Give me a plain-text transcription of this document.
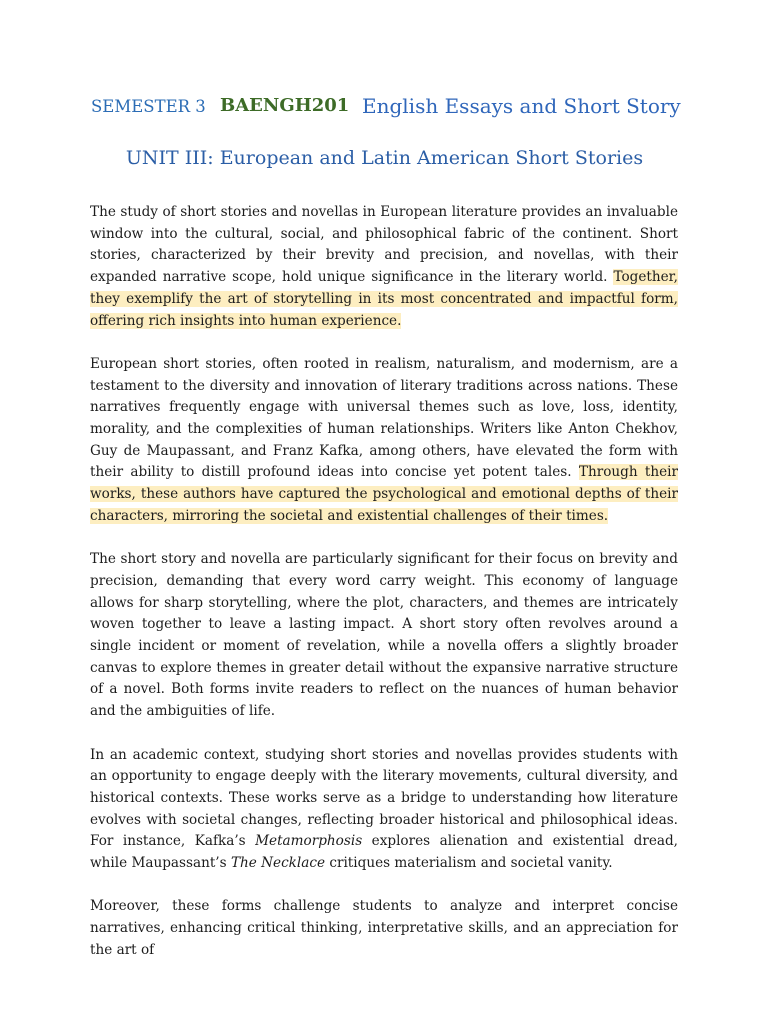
SEMESTER 3 BAENGH201 English Essays and Short Story
UNIT III: European and Latin American Short Stories

The study of short stories and novellas in European literature provides an invaluable window into the cultural, social, and philosophical fabric of the continent. Short stories, characterized by their brevity and precision, and novellas, with their expanded narrative scope, hold unique significance in the literary world. Together, they exemplify the art of storytelling in its most concentrated and impactful form, offering rich insights into human experience.

European short stories, often rooted in realism, naturalism, and modernism, are a testament to the diversity and innovation of literary traditions across nations. These narratives frequently engage with universal themes such as love, loss, identity, morality, and the complexities of human relationships. Writers like Anton Chekhov, Guy de Maupassant, and Franz Kafka, among others, have elevated the form with their ability to distill profound ideas into concise yet potent tales. Through their works, these authors have captured the psychological and emotional depths of their characters, mirroring the societal and existential challenges of their times.

The short story and novella are particularly significant for their focus on brevity and precision, demanding that every word carry weight. This economy of language allows for sharp storytelling, where the plot, characters, and themes are intricately woven together to leave a lasting impact. A short story often revolves around a single incident or moment of revelation, while a novella offers a slightly broader canvas to explore themes in greater detail without the expansive narrative structure of a novel. Both forms invite readers to reflect on the nuances of human behavior and the ambiguities of life.

In an academic context, studying short stories and novellas provides students with an opportunity to engage deeply with the literary movements, cultural diversity, and historical contexts. These works serve as a bridge to understanding how literature evolves with societal changes, reflecting broader historical and philosophical ideas. For instance, Kafka’s Metamorphosis explores alienation and existential dread, while Maupassant’s The Necklace critiques materialism and societal vanity.

Moreover, these forms challenge students to analyze and interpret concise narratives, enhancing critical thinking, interpretative skills, and an appreciation for the art of
